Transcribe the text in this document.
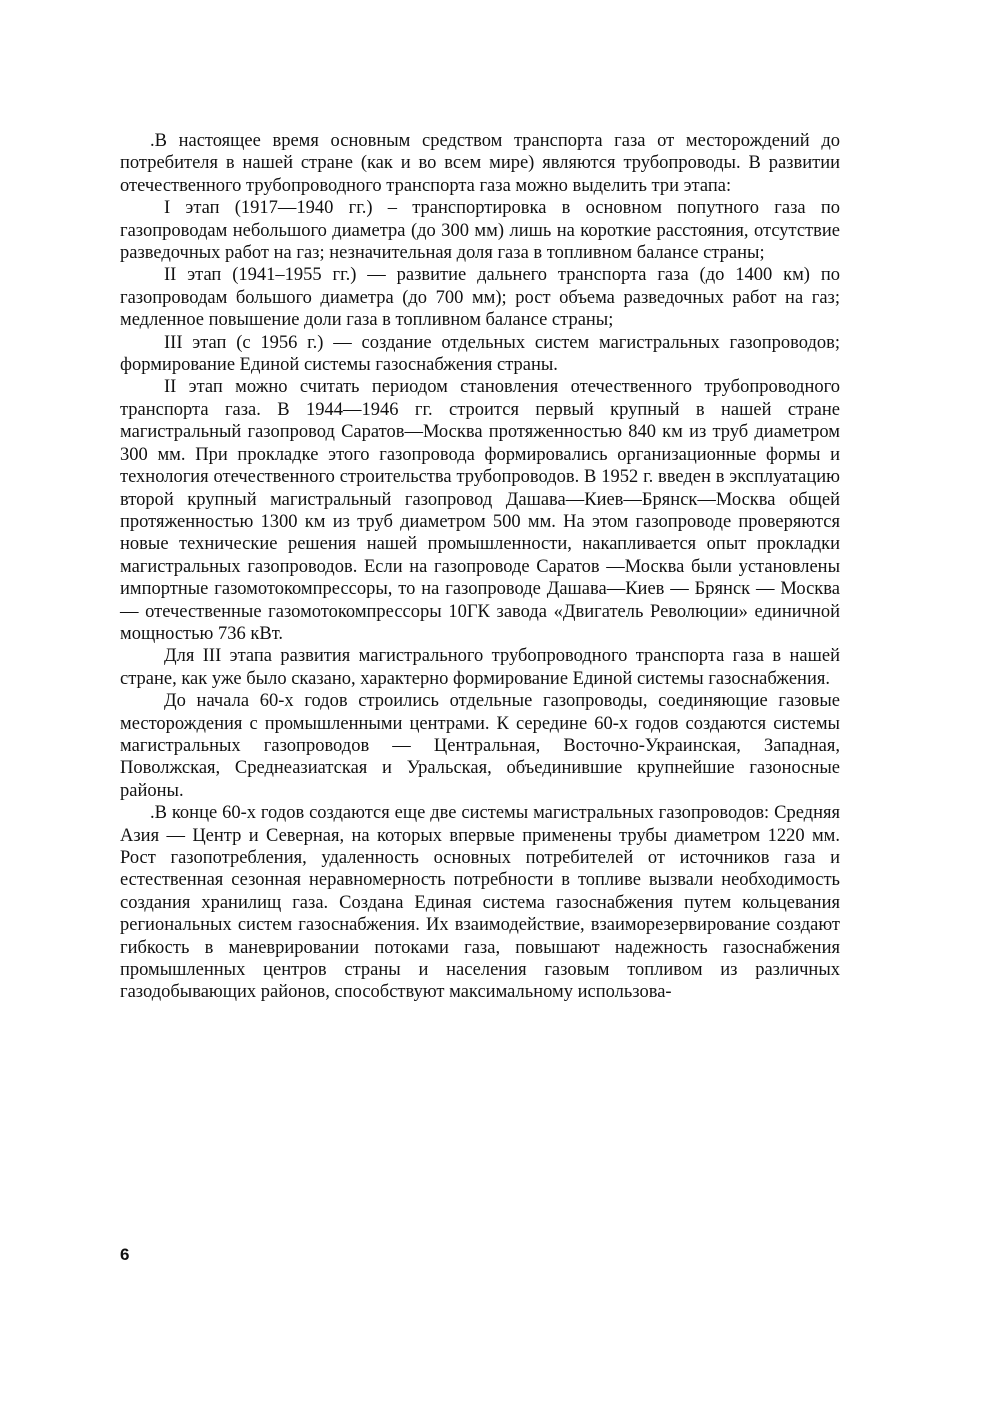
.В настоящее время основным средством транспорта газа от месторождений до потребителя в нашей стране (как и во всем мире) являются трубопроводы. В развитии отечественного трубопроводного транспорта газа можно выделить три этапа:

I этап (1917—1940 гг.) – транспортировка в основном попутного газа по газопроводам небольшого диаметра (до 300 мм) лишь на короткие расстояния, отсутствие разведочных работ на газ; незначительная доля газа в топливном балансе страны;

II этап (1941–1955 гг.) — развитие дальнего транспорта газа (до 1400 км) по газопроводам большого диаметра (до 700 мм); рост объема разведочных работ на газ; медленное повышение доли газа в топливном балансе страны;

III этап (с 1956 г.) — создание отдельных систем магистральных газопроводов; формирование Единой системы газоснабжения страны.

II этап можно считать периодом становления отечественного трубопроводного транспорта газа. В 1944—1946 гг. строится первый крупный в нашей стране магистральный газопровод Саратов—Москва протяженностью 840 км из труб диаметром 300 мм. При прокладке этого газопровода формировались организационные формы и технология отечественного строительства трубопроводов. В 1952 г. введен в эксплуатацию второй крупный магистральный газопровод Дашава—Киев—Брянск—Москва общей протяженностью 1300 км из труб диаметром 500 мм. На этом газопроводе проверяются новые технические решения нашей промышленности, накапливается опыт прокладки магистральных газопроводов. Если на газопроводе Саратов —Москва были установлены импортные газомотокомпрессоры, то на газопроводе Дашава—Киев — Брянск — Москва — отечественные газомотокомпрессоры 10ГК завода «Двигатель Революции» единичной мощностью 736 кВт.

Для III этапа развития магистрального трубопроводного транспорта газа в нашей стране, как уже было сказано, характерно формирование Единой системы газоснабжения.

До начала 60-х годов строились отдельные газопроводы, соединяющие газовые месторождения с промышленными центрами. К середине 60-х годов создаются системы магистральных газопроводов — Центральная, Восточно-Украинская, Западная, Поволжская, Среднеазиатская и Уральская, объединившие крупнейшие газоносные районы.

.В конце 60-х годов создаются еще две системы магистральных газопроводов: Средняя Азия — Центр и Северная, на которых впервые применены трубы диаметром 1220 мм. Рост газопотребления, удаленность основных потребителей от источников газа и естественная сезонная неравномерность потребности в топливе вызвали необходимость создания хранилищ газа. Создана Единая система газоснабжения путем кольцевания региональных систем газоснабжения. Их взаимодействие, взаиморезервирование создают гибкость в маневрировании потоками газа, повышают надежность газоснабжения промышленных центров страны и населения газовым топливом из различных газодобывающих районов, способствуют максимальному использова-

6
